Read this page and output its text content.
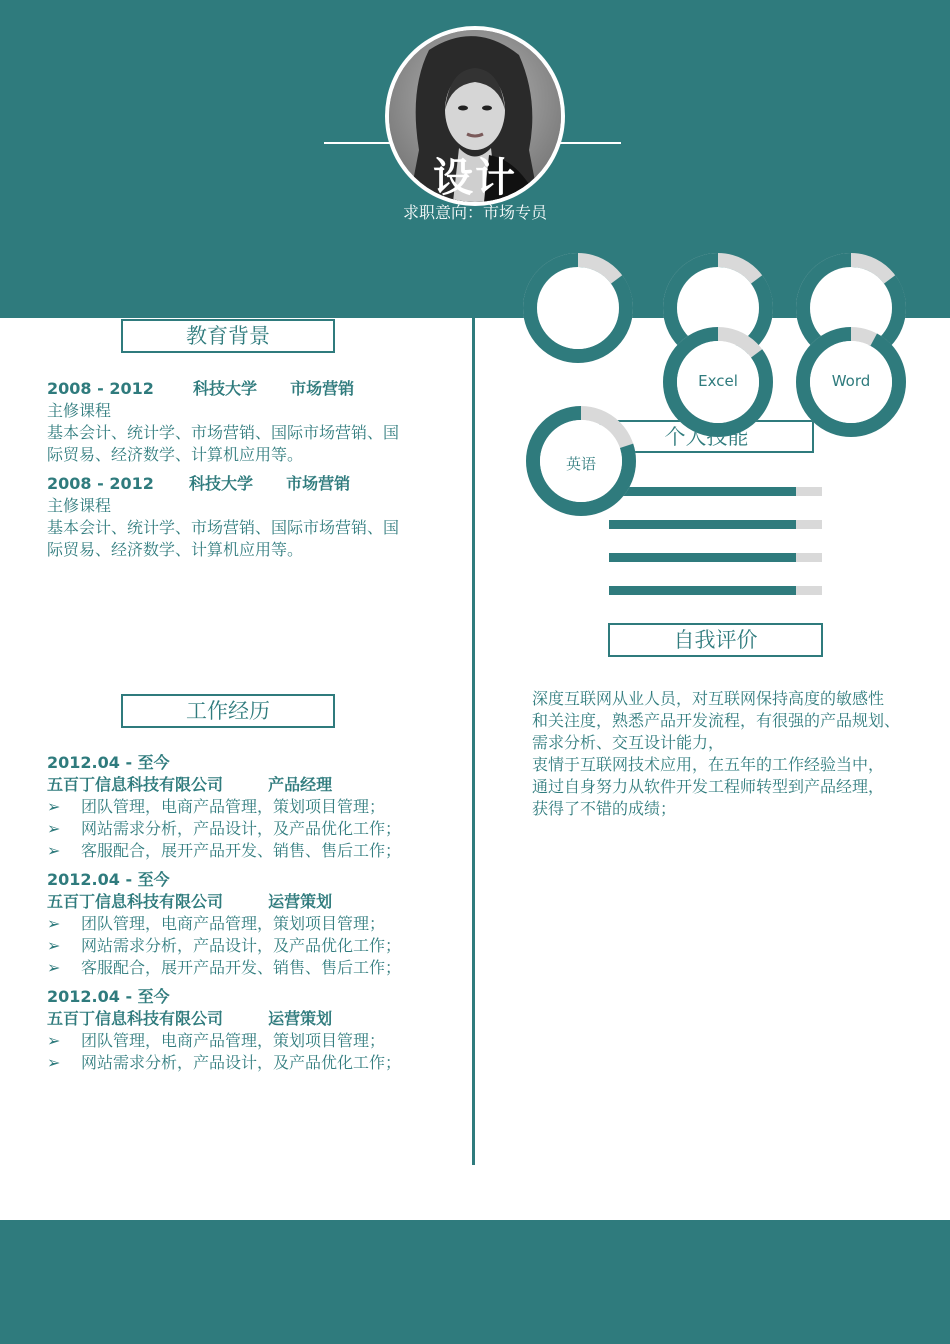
设计
求职意向：市场专员
教育背景
2008 - 2012 科技大学 市场营销
主修课程
基本会计、统计学、市场营销、国际市场营销、国
际贸易、经济数学、计算机应用等。
2008 - 2012 科技大学 市场营销
主修课程
基本会计、统计学、市场营销、国际市场营销、国
际贸易、经济数学、计算机应用等。
工作经历
2012.04 - 至今
五百丁信息科技有限公司	产品经理
➢ 团队管理，电商产品管理，策划项目管理；
➢ 网站需求分析，产品设计，及产品优化工作；
➢ 客服配合，展开产品开发、销售、售后工作；
2012.04 - 至今
五百丁信息科技有限公司	运营策划
➢ 团队管理，电商产品管理，策划项目管理；
➢ 网站需求分析，产品设计，及产品优化工作；
➢ 客服配合，展开产品开发、销售、售后工作；
2012.04 - 至今
五百丁信息科技有限公司	运营策划
➢ 团队管理，电商产品管理，策划项目管理；
➢ 网站需求分析，产品设计，及产品优化工作；
个人技能
Excel	Word
英语
自我评价

深度互联网从业人员，对互联网保持高度的敏感性

和关注度，熟悉产品开发流程，有很强的产品规划、

需求分析、交互设计能力，

衷情于互联网技术应用，在五年的工作经验当中，

通过自身努力从软件开发工程师转型到产品经理，

获得了不错的成绩；
